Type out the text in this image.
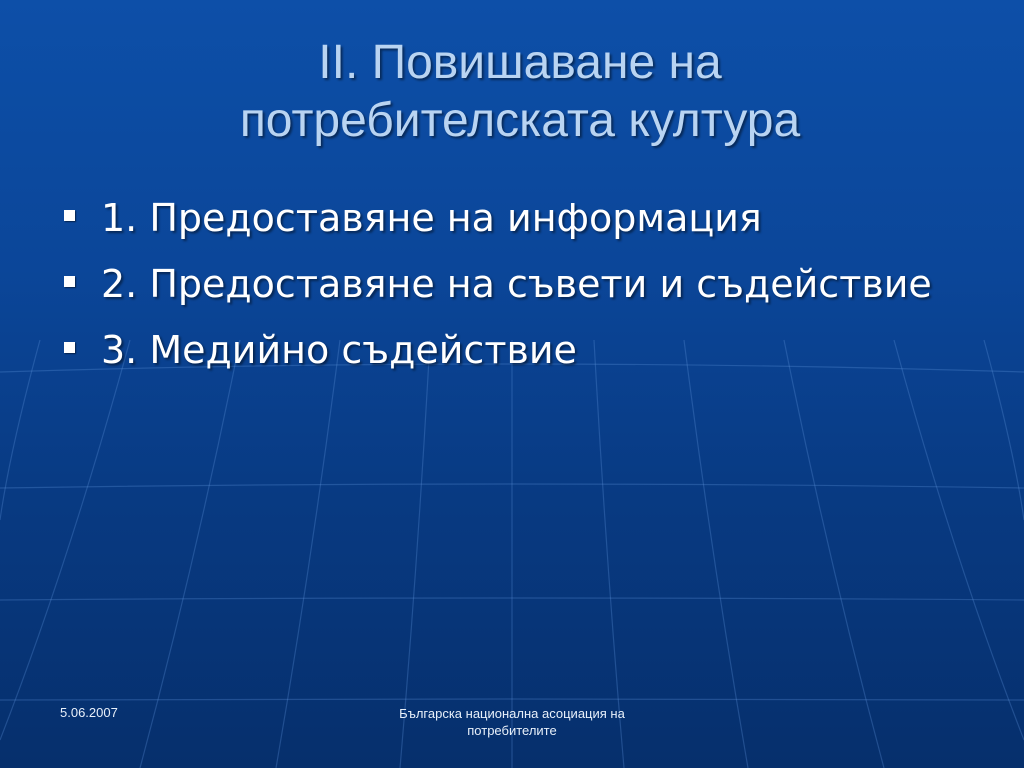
II. Повишаване на
потребителската култура
1. Предоставяне на информация
2. Предоставяне на съвети и съдействие
3. Медийно съдействие
5.06.2007	Българска национална асоциация на потребителите
